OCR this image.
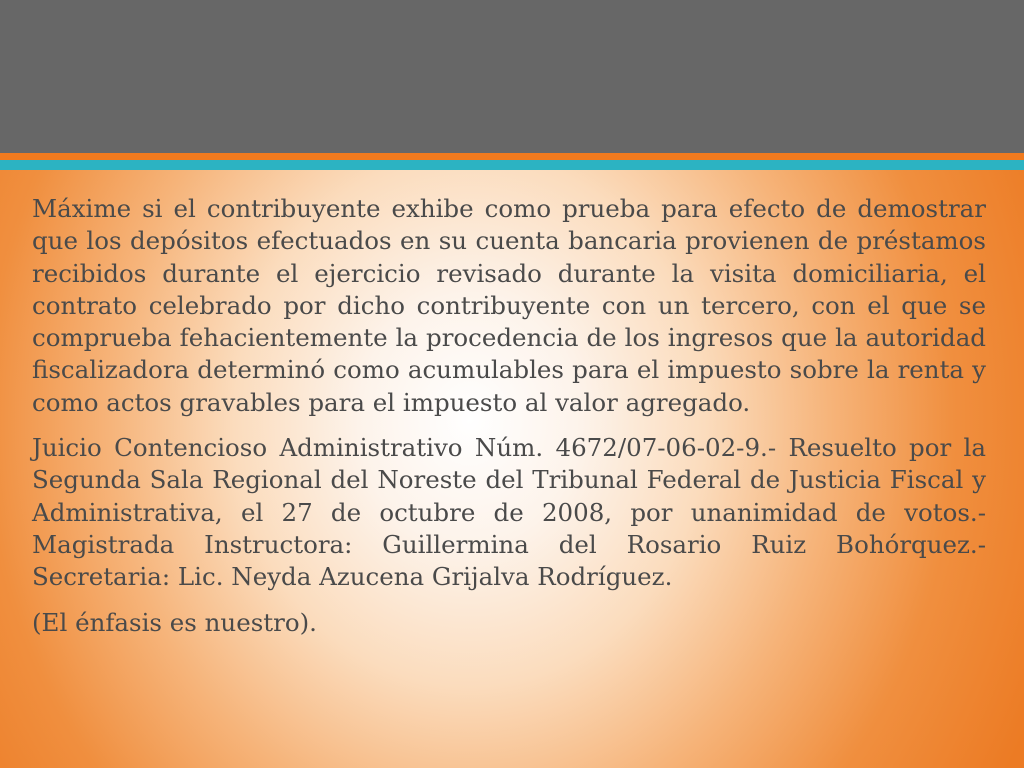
Máxime si el contribuyente exhibe como prueba para efecto de demostrar que los depósitos efectuados en su cuenta bancaria provienen de préstamos recibidos durante el ejercicio revisado durante la visita domiciliaria, el contrato celebrado por dicho contribuyente con un tercero, con el que se comprueba fehacientemente la procedencia de los ingresos que la autoridad fiscalizadora determinó como acumulables para el impuesto sobre la renta y como actos gravables para el impuesto al valor agregado.

Juicio Contencioso Administrativo Núm. 4672/07-06-02-9.- Resuelto por la Segunda Sala Regional del Noreste del Tribunal Federal de Justicia Fiscal y Administrativa, el 27 de octubre de 2008, por unanimidad de votos.- Magistrada Instructora: Guillermina del Rosario Ruiz Bohórquez.- Secretaria: Lic. Neyda Azucena Grijalva Rodríguez.

(El énfasis es nuestro).
